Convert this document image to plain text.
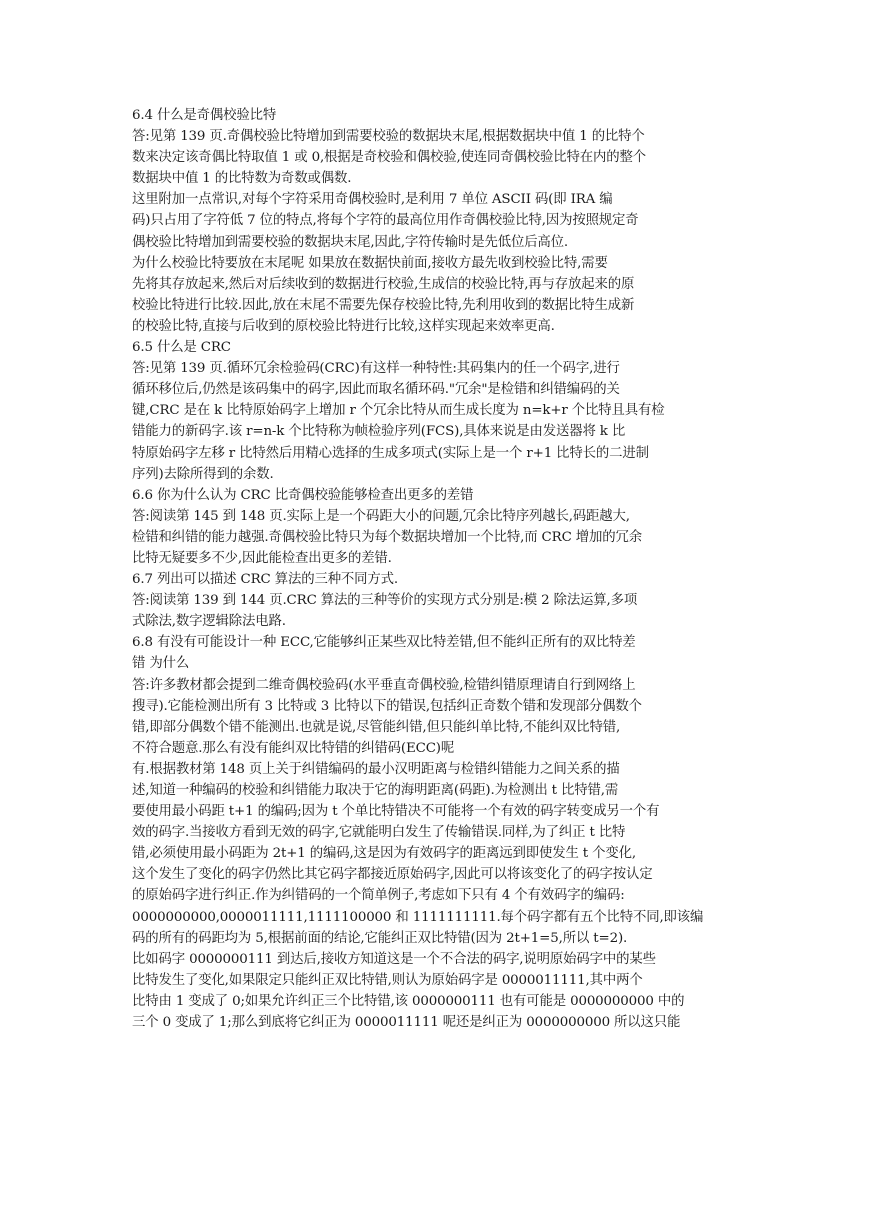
6.4 什么是奇偶校验比特
答:见第 139 页.奇偶校验比特增加到需要校验的数据块末尾,根据数据块中值 1 的比特个
数来决定该奇偶比特取值 1 或 0,根据是奇校验和偶校验,使连同奇偶校验比特在内的整个
数据块中值 1 的比特数为奇数或偶数.
这里附加一点常识,对每个字符采用奇偶校验时,是利用 7 单位 ASCII 码(即 IRA 编
码)只占用了字符低 7 位的特点,将每个字符的最高位用作奇偶校验比特,因为按照规定奇
偶校验比特增加到需要校验的数据块末尾,因此,字符传输时是先低位后高位.
为什么校验比特要放在末尾呢 如果放在数据快前面,接收方最先收到校验比特,需要
先将其存放起来,然后对后续收到的数据进行校验,生成信的校验比特,再与存放起来的原
校验比特进行比较.因此,放在末尾不需要先保存校验比特,先利用收到的数据比特生成新
的校验比特,直接与后收到的原校验比特进行比较,这样实现起来效率更高.
6.5 什么是 CRC
答:见第 139 页.循环冗余检验码(CRC)有这样一种特性:其码集内的任一个码字,进行
循环移位后,仍然是该码集中的码字,因此而取名循环码."冗余"是检错和纠错编码的关
键,CRC 是在 k 比特原始码字上增加 r 个冗余比特从而生成长度为 n=k+r 个比特且具有检
错能力的新码字.该 r=n-k 个比特称为帧检验序列(FCS),具体来说是由发送器将 k 比
特原始码字左移 r 比特然后用精心选择的生成多项式(实际上是一个 r+1 比特长的二进制
序列)去除所得到的余数.
6.6 你为什么认为 CRC 比奇偶校验能够检查出更多的差错
答:阅读第 145 到 148 页.实际上是一个码距大小的问题,冗余比特序列越长,码距越大,
检错和纠错的能力越强.奇偶校验比特只为每个数据块增加一个比特,而 CRC 增加的冗余
比特无疑要多不少,因此能检查出更多的差错.
6.7 列出可以描述 CRC 算法的三种不同方式.
答:阅读第 139 到 144 页.CRC 算法的三种等价的实现方式分别是:模 2 除法运算,多项
式除法,数字逻辑除法电路.
6.8 有没有可能设计一种 ECC,它能够纠正某些双比特差错,但不能纠正所有的双比特差
错 为什么
答:许多教材都会提到二维奇偶校验码(水平垂直奇偶校验,检错纠错原理请自行到网络上
搜寻).它能检测出所有 3 比特或 3 比特以下的错误,包括纠正奇数个错和发现部分偶数个
错,即部分偶数个错不能测出.也就是说,尽管能纠错,但只能纠单比特,不能纠双比特错,
不符合题意.那么有没有能纠双比特错的纠错码(ECC)呢
有.根据教材第 148 页上关于纠错编码的最小汉明距离与检错纠错能力之间关系的描
述,知道一种编码的校验和纠错能力取决于它的海明距离(码距).为检测出 t 比特错,需
要使用最小码距 t+1 的编码;因为 t 个单比特错决不可能将一个有效的码字转变成另一个有
效的码字.当接收方看到无效的码字,它就能明白发生了传输错误.同样,为了纠正 t 比特
错,必须使用最小码距为 2t+1 的编码,这是因为有效码字的距离远到即使发生 t 个变化,
这个发生了变化的码字仍然比其它码字都接近原始码字,因此可以将该变化了的码字按认定
的原始码字进行纠正.作为纠错码的一个简单例子,考虑如下只有 4 个有效码字的编码:
0000000000,0000011111,1111100000 和 1111111111.每个码字都有五个比特不同,即该编
码的所有的码距均为 5,根据前面的结论,它能纠正双比特错(因为 2t+1=5,所以 t=2).
比如码字 0000000111 到达后,接收方知道这是一个不合法的码字,说明原始码字中的某些
比特发生了变化,如果限定只能纠正双比特错,则认为原始码字是 0000011111,其中两个
比特由 1 变成了 0;如果允许纠正三个比特错,该 0000000111 也有可能是 0000000000 中的
三个 0 变成了 1;那么到底将它纠正为 0000011111 呢还是纠正为 0000000000 所以这只能
